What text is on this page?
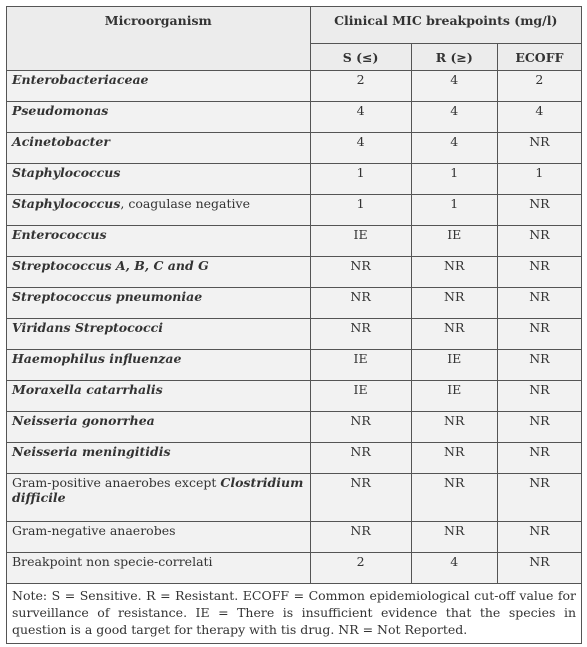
Microorganism	Clinical MIC breakpoints (mg/l)		
	S (≤)	R (≥)	ECOFF
Enterobacteriaceae	2	4	2
Pseudomonas	4	4	4
Acinetobacter	4	4	NR
Staphylococcus	1	1	1
Staphylococcus, coagulase negative	1	1	NR
Enterococcus	IE	IE	NR
Streptococcus A, B, C and G	NR	NR	NR
Streptococcus pneumoniae	NR	NR	NR
Viridans Streptococci	NR	NR	NR
Haemophilus influenzae	IE	IE	NR
Moraxella catarrhalis	IE	IE	NR
Neisseria gonorrhea	NR	NR	NR
Neisseria meningitidis	NR	NR	NR
Gram-positive anaerobes except Clostridium difficile	NR	NR	NR
Gram-negative anaerobes	NR	NR	NR
Breakpoint non specie-correlati	2	4	NR
Note: S = Sensitive. R = Resistant. ECOFF = Common epidemiological cut-off value for surveillance of resistance. IE = There is insufficient evidence that the species in question is a good target for therapy with tis drug. NR = Not Reported.			
